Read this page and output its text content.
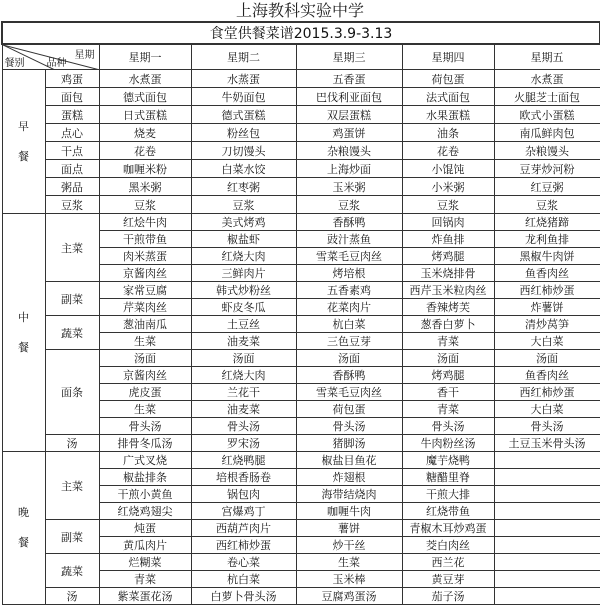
上海教科实验中学
食堂供餐菜谱2015.3.9-3.13						

星期
品种
餐别		星期一	星期二	星期三	星期四	星期五

早
餐	鸡蛋	水煮蛋	水蒸蛋	五香蛋	荷包蛋	水煮蛋
	面包	德式面包	牛奶面包	巴伐利亚面包	法式面包	火腿芝士面包
	蛋糕	日式蛋糕	德式蛋糕	双层蛋糕	水果蛋糕	欧式小蛋糕
	点心	烧麦	粉丝包	鸡蛋饼	油条	南瓜鲜肉包
	干点	花卷	刀切馒头	杂粮馒头	花卷	杂粮馒头
	面点	咖喱米粉	白菜水饺	上海炒面	小馄饨	豆芽炒河粉
	粥品	黑米粥	红枣粥	玉米粥	小米粥	红豆粥
	豆浆	豆浆	豆浆	豆浆	豆浆	豆浆

中
餐	主菜	红烩牛肉	美式烤鸡	香酥鸭	回锅肉	红烧猪蹄
		干煎带鱼	椒盐虾	豉汁蒸鱼	炸鱼排	龙利鱼排
		肉米蒸蛋	红烧大肉	雪菜毛豆肉丝	烤鸡腿	黑椒牛肉饼
		京酱肉丝	三鲜肉片	烤培根	玉米烧排骨	鱼香肉丝
	副菜	家常豆腐	韩式炒粉丝	五香素鸡	西芹玉米粒肉丝	西红柿炒蛋
		芹菜肉丝	虾皮冬瓜	花菜肉片	香辣烤芙	炸薯饼
	蔬菜	葱油南瓜	土豆丝	杭白菜	葱香白萝卜	清炒莴笋
		生菜	油麦菜	三色豆芽	青菜	大白菜
	面条	汤面	汤面	汤面	汤面	汤面
		京酱肉丝	红烧大肉	香酥鸭	烤鸡腿	鱼香肉丝
		虎皮蛋	兰花干	雪菜毛豆肉丝	香干	西红柿炒蛋
		生菜	油麦菜	荷包蛋	青菜	大白菜
		骨头汤	骨头汤	骨头汤	骨头汤	骨头汤
	汤	排骨冬瓜汤	罗宋汤	猪脚汤	牛肉粉丝汤	土豆玉米骨头汤

晚
餐	主菜	广式叉烧	红烧鸭腿	椒盐目鱼花	魔芋烧鸭	
		椒盐排条	培根香肠卷	炸翅根	糖醋里脊	
		干煎小黄鱼	锅包肉	海带结烧肉	干煎大排	
		红烧鸡翅尖	宫爆鸡丁	咖喱牛肉	红烧带鱼	
	副菜	炖蛋	西葫芦肉片	薯饼	青椒木耳炒鸡蛋	
		黄瓜肉片	西红柿炒蛋	炒干丝	茭白肉丝	
	蔬菜	烂糊菜	卷心菜	生菜	西兰花	
		青菜	杭白菜	玉米棒	黄豆芽	
	汤	紫菜蛋花汤	白萝卜骨头汤	豆腐鸡蛋汤	茄子汤	
